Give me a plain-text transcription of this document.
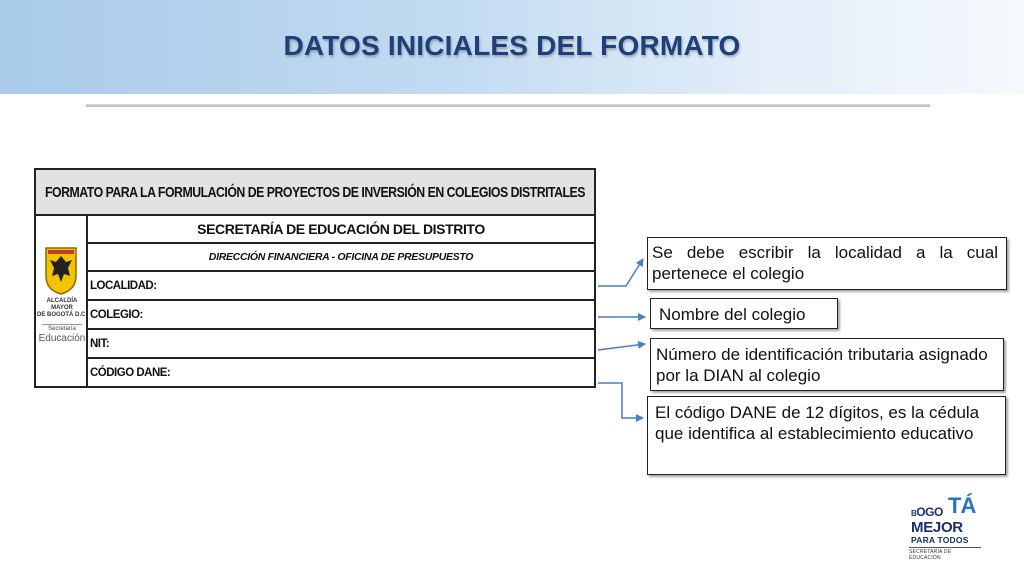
DATOS INICIALES DEL FORMATO
FORMATO PARA LA FORMULACIÓN DE PROYECTOS DE INVERSIÓN EN COLEGIOS DISTRITALES
ALCALDÍA MAYOR
DE BOGOTÁ D.C.
Secretaría
Educación
SECRETARÍA DE EDUCACIÓN DEL DISTRITO
DIRECCIÓN FINANCIERA - OFICINA DE PRESUPUESTO
LOCALIDAD:
COLEGIO:
NIT:
CÓDIGO DANE:
Se debe escribir la localidad a la cual pertenece el colegio
Nombre del colegio
Número de identificación tributaria asignado por la DIAN al colegio
El código DANE de 12 dígitos, es la cédula que identifica al establecimiento educativo
BOGO TÁ
MEJOR
PARA TODOS
SECRETARÍA DE EDUCACIÓN
